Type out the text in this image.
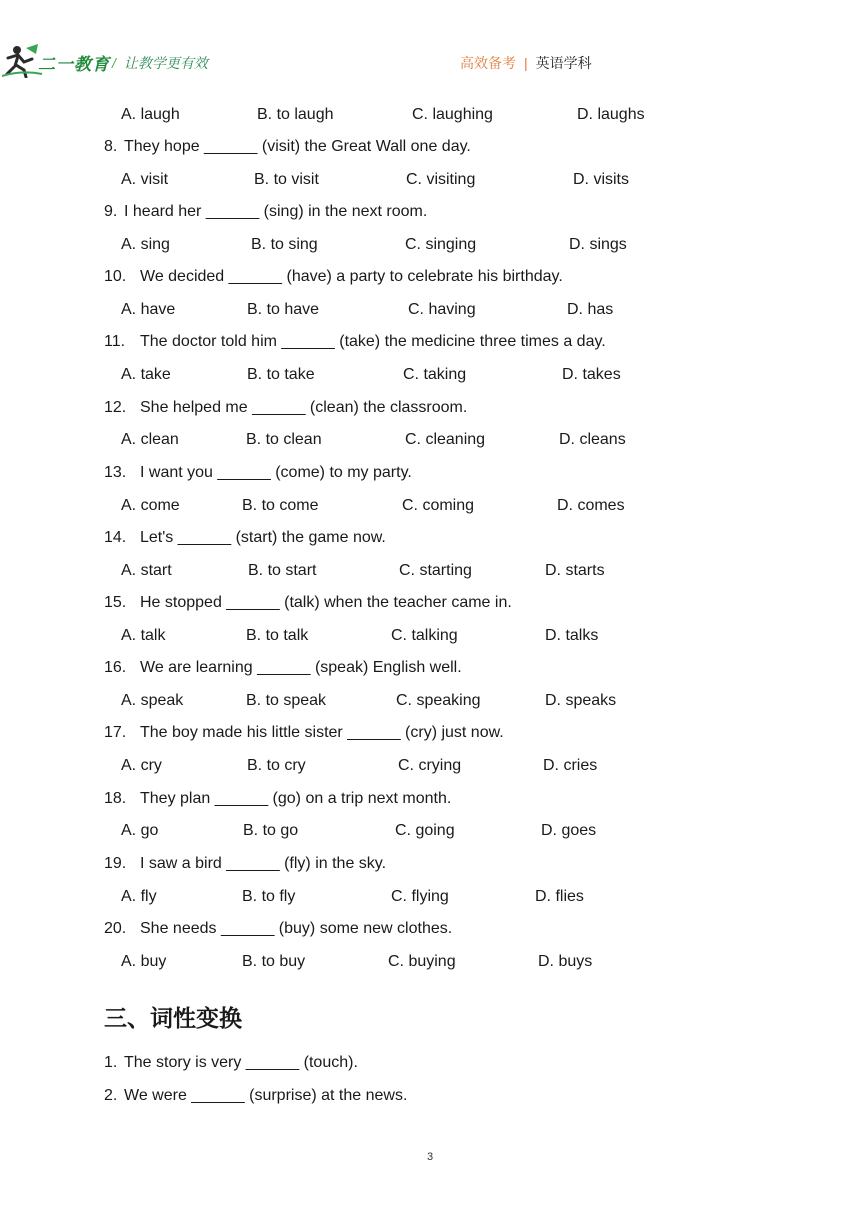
二一教育 / 让教学更有效	高效备考 | 英语学科
A. laugh	B. to laugh	C. laughing	D. laughs
8. They hope ______ (visit) the Great Wall one day.
A. visit	B. to visit	C. visiting	D. visits
9. I heard her ______ (sing) in the next room.
A. sing	B. to sing	C. singing	D. sings
10. We decided ______ (have) a party to celebrate his birthday.
A. have	B. to have	C. having	D. has
11. The doctor told him ______ (take) the medicine three times a day.
A. take	B. to take	C. taking	D. takes
12. She helped me ______ (clean) the classroom.
A. clean	B. to clean	C. cleaning	D. cleans
13. I want you ______ (come) to my party.
A. come	B. to come	C. coming	D. comes
14. Let's ______ (start) the game now.
A. start	B. to start	C. starting	D. starts
15. He stopped ______ (talk) when the teacher came in.
A. talk	B. to talk	C. talking	D. talks
16. We are learning ______ (speak) English well.
A. speak	B. to speak	C. speaking	D. speaks
17. The boy made his little sister ______ (cry) just now.
A. cry	B. to cry	C. crying	D. cries
18. They plan ______ (go) on a trip next month.
A. go	B. to go	C. going	D. goes
19. I saw a bird ______ (fly) in the sky.
A. fly	B. to fly	C. flying	D. flies
20. She needs ______ (buy) some new clothes.
A. buy	B. to buy	C. buying	D. buys
三、词性变换
1. The story is very ______ (touch).
2. We were ______ (surprise) at the news.
3
